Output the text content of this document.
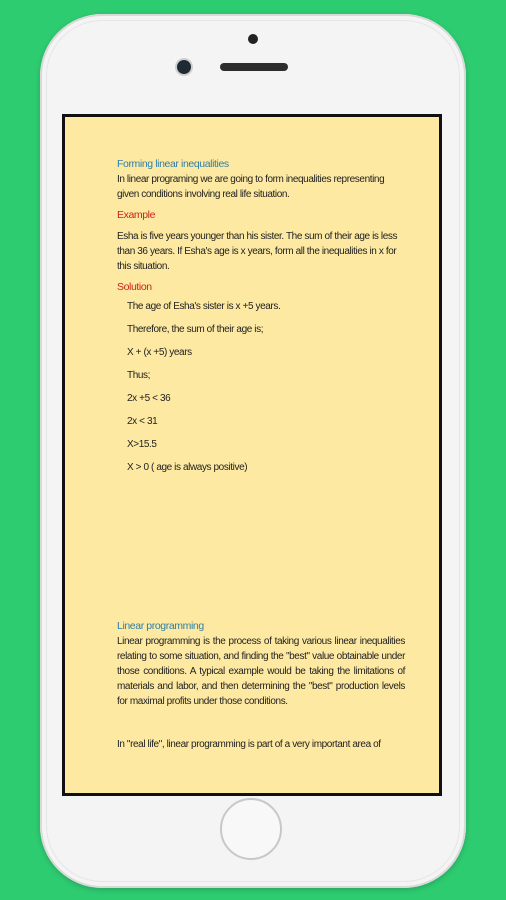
Forming linear inequalities

In linear programing we are going to form inequalities representing given conditions involving real life situation.

Example

Esha is five years younger than his sister. The sum of their age is less than 36 years. If Esha's age is x years, form all the inequalities in x for this situation.

Solution
The age of Esha's sister is x +5 years.
Therefore, the sum of their age is;
X + (x +5) years
Thus;
2x +5 < 36
2x < 31
X>15.5
X > 0 ( age is always positive)
Linear programming

Linear programming is the process of taking various linear inequalities relating to some situation, and finding the "best" value obtainable under those conditions. A typical example would be taking the limitations of materials and labor, and then determining the "best" production levels for maximal profits under those conditions.

In "real life", linear programming is part of a very important area of
